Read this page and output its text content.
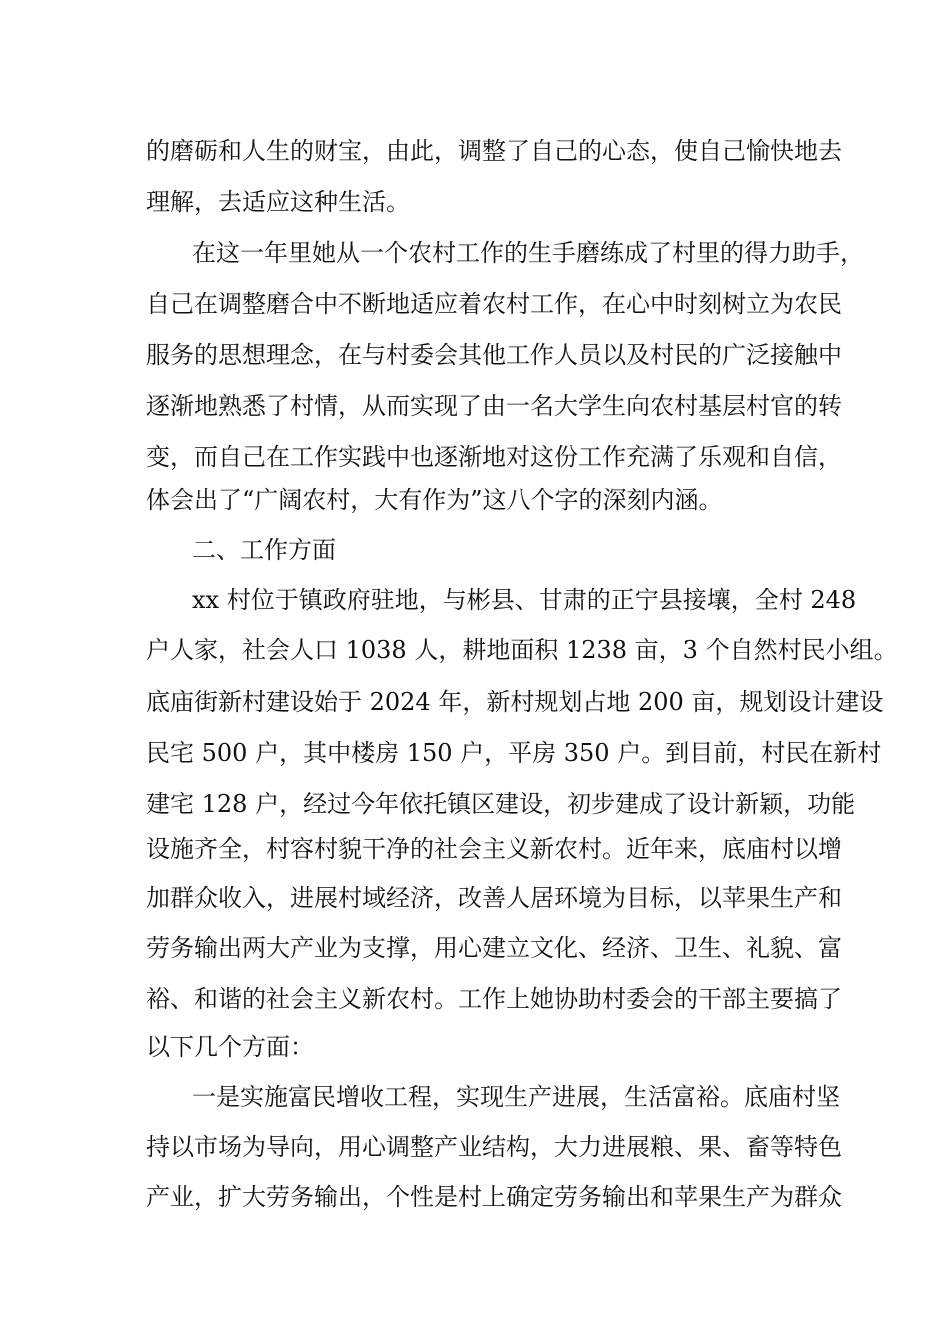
的磨砺和人生的财宝，由此，调整了自己的心态，使自己愉快地去
理解，去适应这种生活。
在这一年里她从一个农村工作的生手磨练成了村里的得力助手，
自己在调整磨合中不断地适应着农村工作，在心中时刻树立为农民
服务的思想理念，在与村委会其他工作人员以及村民的广泛接触中
逐渐地熟悉了村情，从而实现了由一名大学生向农村基层村官的转
变，而自己在工作实践中也逐渐地对这份工作充满了乐观和自信，
体会出了“广阔农村，大有作为”这八个字的深刻内涵。
二、工作方面
xx 村位于镇政府驻地，与彬县、甘肃的正宁县接壤，全村 248
户人家，社会人口 1038 人，耕地面积 1238 亩，3 个自然村民小组。
底庙街新村建设始于 2024 年，新村规划占地 200 亩，规划设计建设
民宅 500 户，其中楼房 150 户，平房 350 户。到目前，村民在新村
建宅 128 户，经过今年依托镇区建设，初步建成了设计新颖，功能
设施齐全，村容村貌干净的社会主义新农村。近年来，底庙村以增
加群众收入，进展村域经济，改善人居环境为目标，以苹果生产和
劳务输出两大产业为支撑，用心建立文化、经济、卫生、礼貌、富
裕、和谐的社会主义新农村。工作上她协助村委会的干部主要搞了
以下几个方面：
一是实施富民增收工程，实现生产进展，生活富裕。底庙村坚
持以市场为导向，用心调整产业结构，大力进展粮、果、畜等特色
产业，扩大劳务输出，个性是村上确定劳务输出和苹果生产为群众
